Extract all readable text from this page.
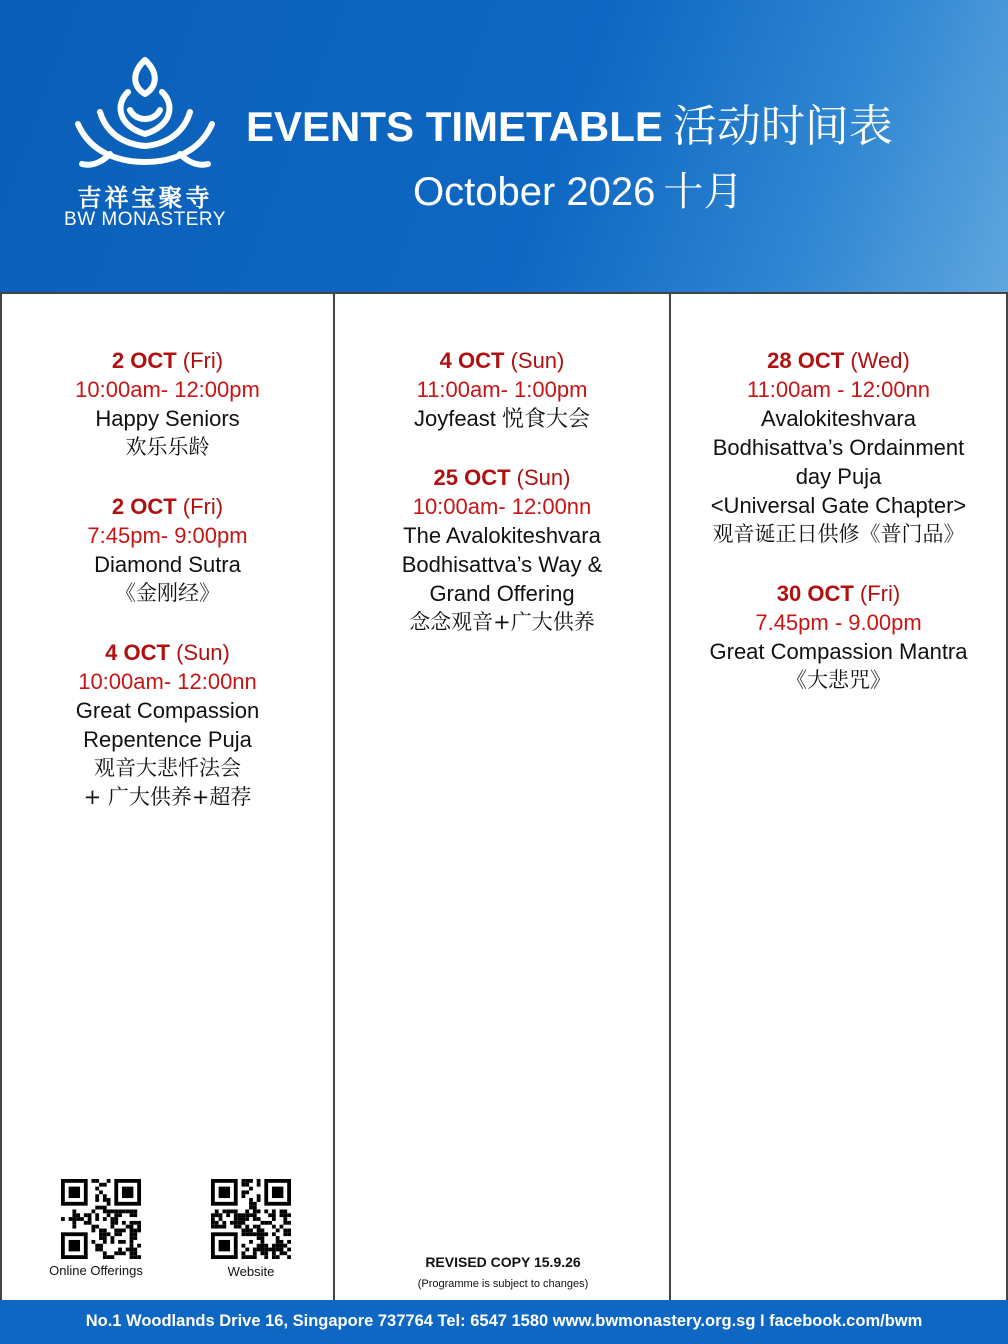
吉祥宝聚寺
BW MONASTERY
EVENTS TIMETABLE 活动时间表
October 2026 十月
2 OCT (Fri)
10:00am- 12:00pm
Happy Seniors
欢乐乐龄
2 OCT (Fri)
7:45pm- 9:00pm
Diamond Sutra
《金刚经》
4 OCT (Sun)
10:00am- 12:00nn
Great Compassion
Repentence Puja
观音大悲忏法会
+ 广大供养+超荐
4 OCT (Sun)
11:00am- 1:00pm
Joyfeast 悦食大会
25 OCT (Sun)
10:00am- 12:00nn
The Avalokiteshvara
Bodhisattva’s Way &
Grand Offering
念念观音+广大供养
28 OCT (Wed)
11:00am - 12:00nn
Avalokiteshvara
Bodhisattva’s Ordainment
day Puja
<Universal Gate Chapter>
观音诞正日供修《普门品》
30 OCT (Fri)
7.45pm - 9.00pm
Great Compassion Mantra
《大悲咒》
Online Offerings	Website
REVISED COPY 15.9.26
(Programme is subject to changes)
No.1 Woodlands Drive 16, Singapore 737764 Tel: 6547 1580 www.bwmonastery.org.sg I facebook.com/bwm
